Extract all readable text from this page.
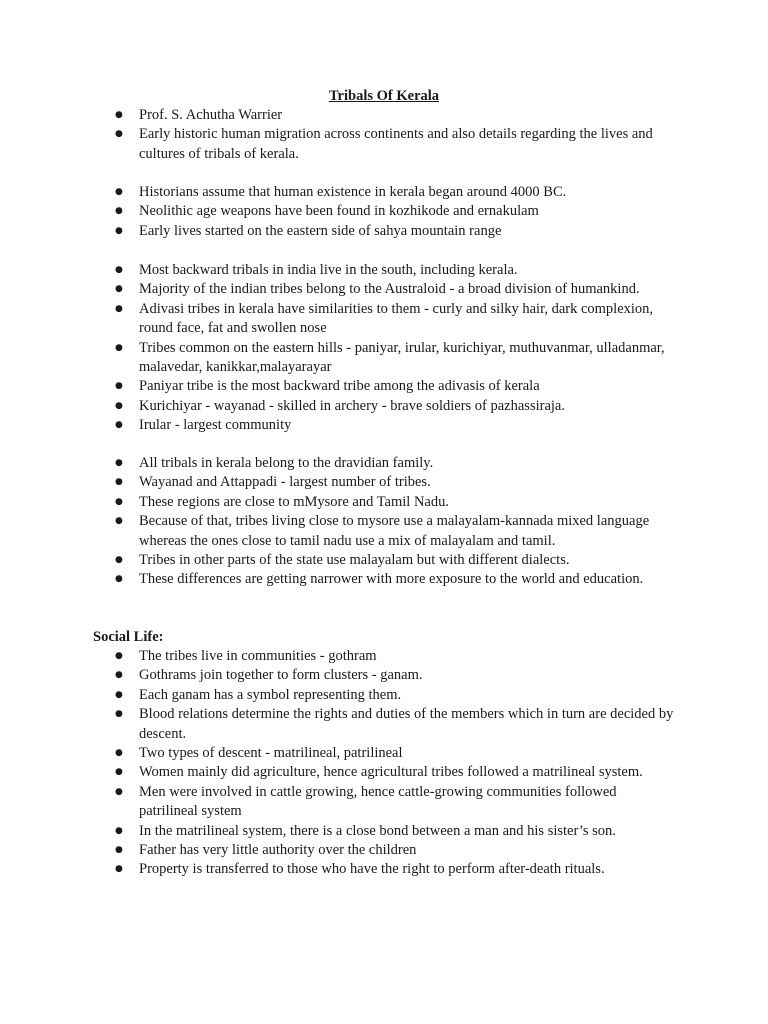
Tribals Of Kerala
● Prof. S. Achutha Warrier
● Early historic human migration across continents and also details regarding the lives and cultures of tribals of kerala.
● Historians assume that human existence in kerala began around 4000 BC.
● Neolithic age weapons have been found in kozhikode and ernakulam
● Early lives started on the eastern side of sahya mountain range
● Most backward tribals in india live in the south, including kerala.
● Majority of the indian tribes belong to the Australoid - a broad division of humankind.
● Adivasi tribes in kerala have similarities to them - curly and silky hair, dark complexion, round face, fat and swollen nose
● Tribes common on the eastern hills - paniyar, irular, kurichiyar, muthuvanmar, ulladanmar, malavedar, kanikkar,malayarayar
● Paniyar tribe is the most backward tribe among the adivasis of kerala
● Kurichiyar - wayanad - skilled in archery - brave soldiers of pazhassiraja.
● Irular - largest community
● All tribals in kerala belong to the dravidian family.
● Wayanad and Attappadi - largest number of tribes.
● These regions are close to mMysore and Tamil Nadu.
● Because of that, tribes living close to mysore use a malayalam-kannada mixed language whereas the ones close to tamil nadu use a mix of malayalam and tamil.
● Tribes in other parts of the state use malayalam but with different dialects.
● These differences are getting narrower with more exposure to the world and education.
Social Life:
● The tribes live in communities - gothram
● Gothrams join together to form clusters - ganam.
● Each ganam has a symbol representing them.
● Blood relations determine the rights and duties of the members which in turn are decided by descent.
● Two types of descent - matrilineal, patrilineal
● Women mainly did agriculture, hence agricultural tribes followed a matrilineal system.
● Men were involved in cattle growing, hence cattle-growing communities followed patrilineal system
● In the matrilineal system, there is a close bond between a man and his sister’s son.
● Father has very little authority over the children
● Property is transferred to those who have the right to perform after-death rituals.
